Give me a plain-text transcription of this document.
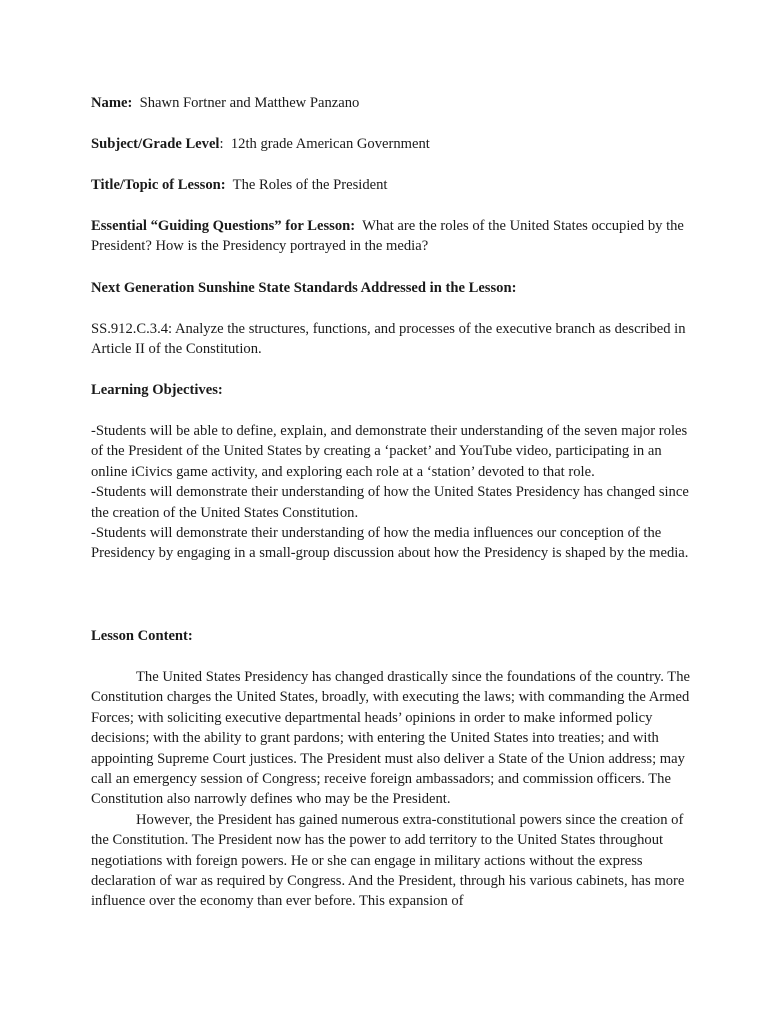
Name: Shawn Fortner and Matthew Panzano
Subject/Grade Level: 12th grade American Government
Title/Topic of Lesson: The Roles of the President

Essential “Guiding Questions” for Lesson: What are the roles of the United States occupied by the President? How is the Presidency portrayed in the media?

Next Generation Sunshine State Standards Addressed in the Lesson:
SS.912.C.3.4: Analyze the structures, functions, and processes of the executive branch as described in Article II of the Constitution.
Learning Objectives:

-Students will be able to define, explain, and demonstrate their understanding of the seven major roles of the President of the United States by creating a ‘packet’ and YouTube video, participating in an online iCivics game activity, and exploring each role at a ‘station’ devoted to that role.

-Students will demonstrate their understanding of how the United States Presidency has changed since the creation of the United States Constitution.

-Students will demonstrate their understanding of how the media influences our conception of the Presidency by engaging in a small-group discussion about how the Presidency is shaped by the media.

Lesson Content:

The United States Presidency has changed drastically since the foundations of the country. The Constitution charges the United States, broadly, with executing the laws; with commanding the Armed Forces; with soliciting executive departmental heads’ opinions in order to make informed policy decisions; with the ability to grant pardons; with entering the United States into treaties; and with appointing Supreme Court justices. The President must also deliver a State of the Union address; may call an emergency session of Congress; receive foreign ambassadors; and commission officers. The Constitution also narrowly defines who may be the President.

However, the President has gained numerous extra-constitutional powers since the creation of the Constitution. The President now has the power to add territory to the United States throughout negotiations with foreign powers. He or she can engage in military actions without the express declaration of war as required by Congress. And the President, through his various cabinets, has more influence over the economy than ever before. This expansion of
